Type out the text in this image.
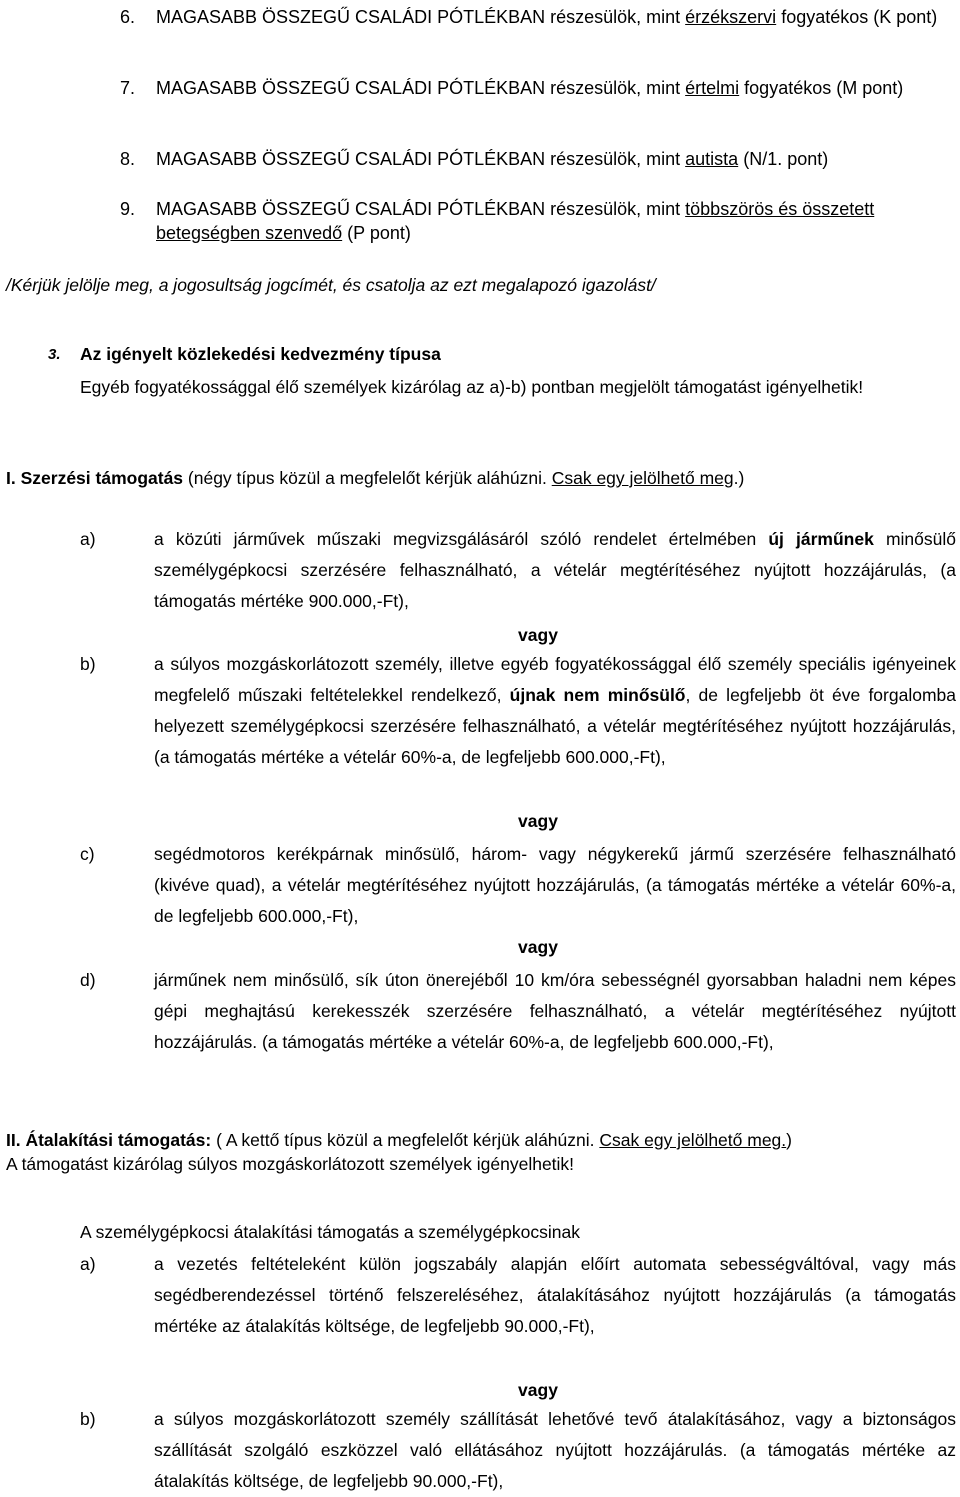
6.	MAGASABB ÖSSZEGŰ CSALÁDI PÓTLÉKBAN részesülök, mint érzékszervi fogyatékos (K pont)
7.	MAGASABB ÖSSZEGŰ CSALÁDI PÓTLÉKBAN részesülök, mint értelmi fogyatékos (M pont)
8.	MAGASABB ÖSSZEGŰ CSALÁDI PÓTLÉKBAN részesülök, mint autista (N/1. pont)
9.	MAGASABB ÖSSZEGŰ CSALÁDI PÓTLÉKBAN részesülök, mint többszörös és összetett betegségben szenvedő (P pont)
/Kérjük jelölje meg, a jogosultság jogcímét, és csatolja az ezt megalapozó igazolást/
3. Az igényelt közlekedési kedvezmény típusa
Egyéb fogyatékossággal élő személyek kizárólag az a)-b) pontban megjelölt támogatást igényelhetik!
I. Szerzési támogatás (négy típus közül a megfelelőt kérjük aláhúzni. Csak egy jelölhető meg.)
a)	a közúti járművek műszaki megvizsgálásáról szóló rendelet értelmében új járműnek minősülő személygépkocsi szerzésére felhasználható, a vételár megtérítéséhez nyújtott hozzájárulás, (a támogatás mértéke 900.000,-Ft),
vagy
b)	a súlyos mozgáskorlátozott személy, illetve egyéb fogyatékossággal élő személy speciális igényeinek megfelelő műszaki feltételekkel rendelkező, újnak nem minősülő, de legfeljebb öt éve forgalomba helyezett személygépkocsi szerzésére felhasználható, a vételár megtérítéséhez nyújtott hozzájárulás, (a támogatás mértéke a vételár 60%-a, de legfeljebb 600.000,-Ft),
vagy
c)	segédmotoros kerékpárnak minősülő, három- vagy négykerekű jármű szerzésére felhasználható (kivéve quad), a vételár megtérítéséhez nyújtott hozzájárulás, (a támogatás mértéke a vételár 60%-a, de legfeljebb 600.000,-Ft),
vagy
d)	járműnek nem minősülő, sík úton önerejéből 10 km/óra sebességnél gyorsabban haladni nem képes gépi meghajtású kerekesszék szerzésére felhasználható, a vételár megtérítéséhez nyújtott hozzájárulás. (a támogatás mértéke a vételár 60%-a, de legfeljebb 600.000,-Ft),
II. Átalakítási támogatás: ( A kettő típus közül a megfelelőt kérjük aláhúzni. Csak egy jelölhető meg.)
A támogatást kizárólag súlyos mozgáskorlátozott személyek igényelhetik!
A személygépkocsi átalakítási támogatás a személygépkocsinak
a)	a vezetés feltételeként külön jogszabály alapján előírt automata sebességváltóval, vagy más segédberendezéssel történő felszereléséhez, átalakításához nyújtott hozzájárulás (a támogatás mértéke az átalakítás költsége, de legfeljebb 90.000,-Ft),
vagy
b)	a súlyos mozgáskorlátozott személy szállítását lehetővé tevő átalakításához, vagy a biztonságos szállítását szolgáló eszközzel való ellátásához nyújtott hozzájárulás. (a támogatás mértéke az átalakítás költsége, de legfeljebb 90.000,-Ft),
